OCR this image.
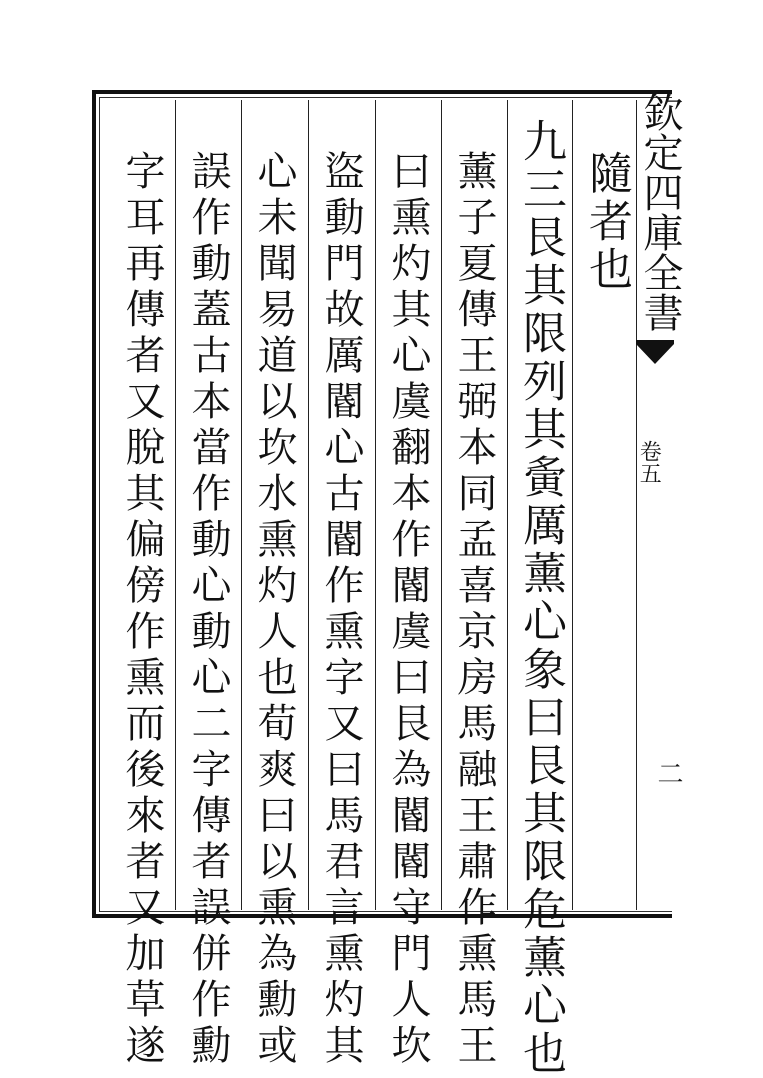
欽定四庫全書
卷五
二
隨者也
九三艮其限列其夤厲薰心象曰艮其限危薰心也
薰子夏傳王弼本同孟喜京房馬融王肅作熏馬王
曰熏灼其心虞翻本作閽虞曰艮為閽閽守門人坎
盜動門故厲閽心古閽作熏字又曰馬君言熏灼其
心未聞易道以坎水熏灼人也荀爽曰以熏為勳或
誤作動蓋古本當作動心動心二字傳者誤併作勳
字耳再傳者又脫其偏傍作熏而後來者又加草遂
